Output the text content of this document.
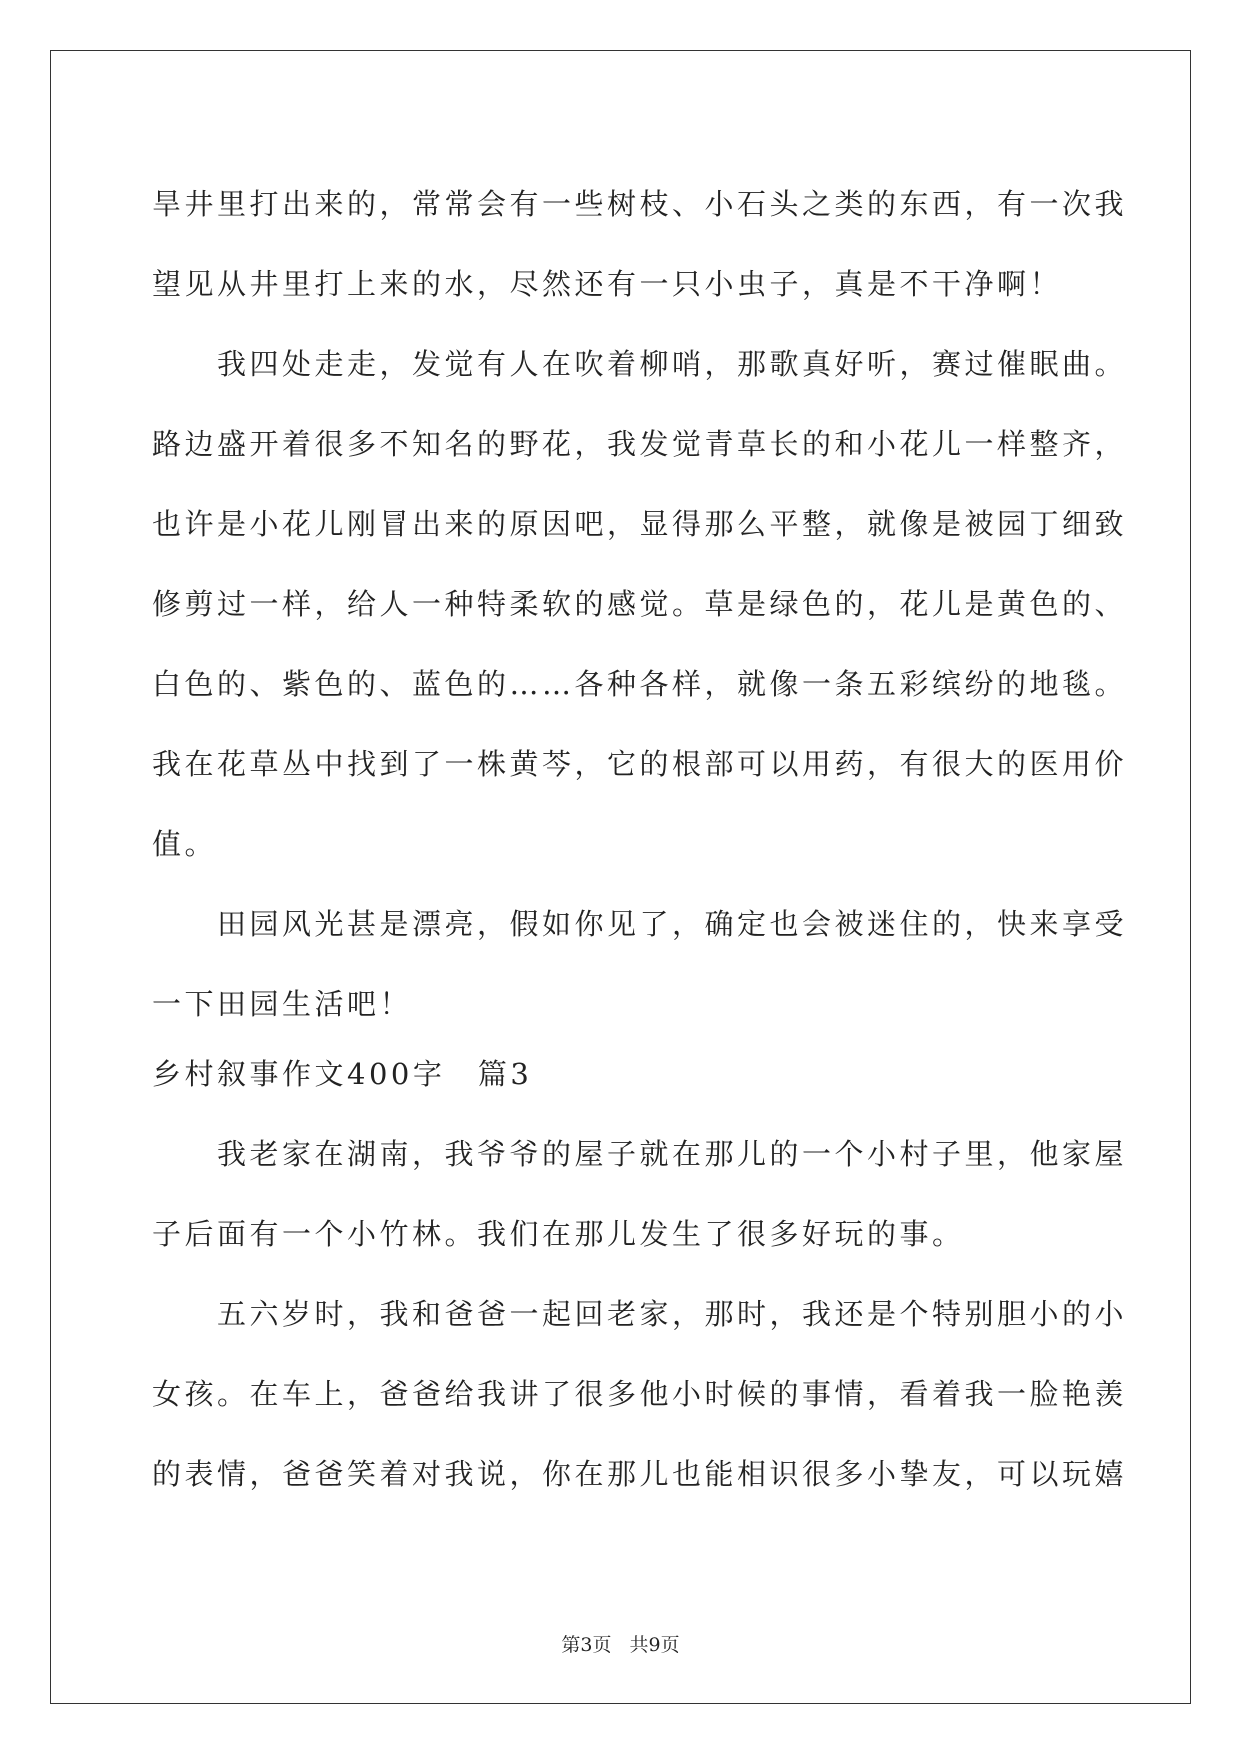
旱井里打出来的，常常会有一些树枝、小石头之类的东西，有一次我

望见从井里打上来的水，尽然还有一只小虫子，真是不干净啊！

　　我四处走走，发觉有人在吹着柳哨，那歌真好听，赛过催眠曲。

路边盛开着很多不知名的野花，我发觉青草长的和小花儿一样整齐，

也许是小花儿刚冒出来的原因吧，显得那么平整，就像是被园丁细致

修剪过一样，给人一种特柔软的感觉。草是绿色的，花儿是黄色的、

白色的、紫色的、蓝色的……各种各样，就像一条五彩缤纷的地毯。

我在花草丛中找到了一株黄芩，它的根部可以用药，有很大的医用价

值。

　　田园风光甚是漂亮，假如你见了，确定也会被迷住的，快来享受

一下田园生活吧！

乡村叙事作文400字　篇3

　　我老家在湖南，我爷爷的屋子就在那儿的一个小村子里，他家屋

子后面有一个小竹林。我们在那儿发生了很多好玩的事。

　　五六岁时，我和爸爸一起回老家，那时，我还是个特别胆小的小

女孩。在车上，爸爸给我讲了很多他小时候的事情，看着我一脸艳羡

的表情，爸爸笑着对我说，你在那儿也能相识很多小挚友，可以玩嬉

第3页 共9页
